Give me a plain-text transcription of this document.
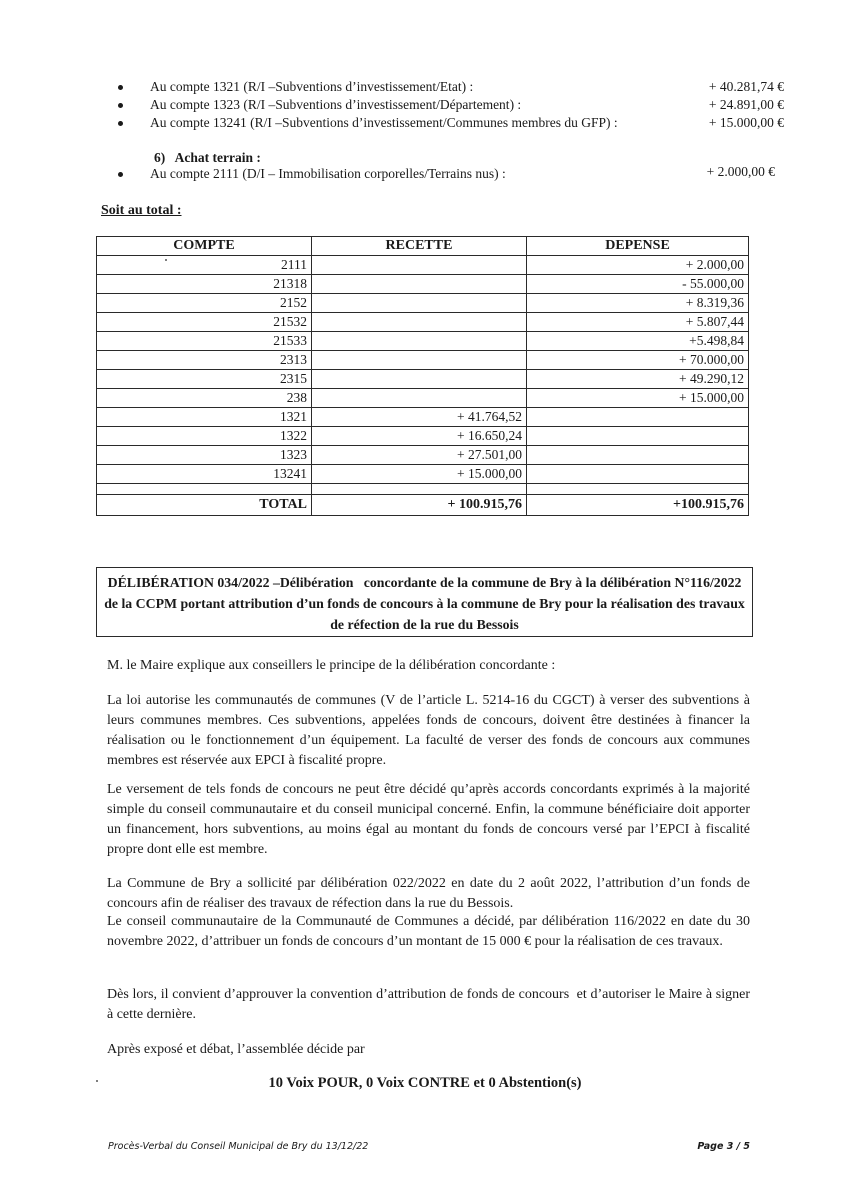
Au compte 1321 (R/I –Subventions d’investissement/Etat) :	+ 40.281,74 €
Au compte 1323 (R/I –Subventions d’investissement/Département) :	+ 24.891,00 €
Au compte 13241 (R/I –Subventions d’investissement/Communes membres du GFP) :	+ 15.000,00 €
6)   Achat terrain :
Au compte 2111 (D/I – Immobilisation corporelles/Terrains nus) :	+ 2.000,00 €
Soit au total :
COMPTE	RECETTE	DEPENSE
2111		+ 2.000,00
21318		- 55.000,00
2152		+ 8.319,36
21532		+ 5.807,44
21533		+5.498,84
2313		+ 70.000,00
2315		+ 49.290,12
238		+ 15.000,00
1321	+ 41.764,52	
1322	+ 16.650,24	
1323	+ 27.501,00	
13241	+ 15.000,00	

TOTAL	+ 100.915,76	+100.915,76
DÉLIBÉRATION 034/2022 –Délibération   concordante de la commune de Bry à la délibération N°116/2022 de la CCPM portant attribution d’un fonds de concours à la commune de Bry pour la réalisation des travaux de réfection de la rue du Bessois
M. le Maire explique aux conseillers le principe de la délibération concordante :
La loi autorise les communautés de communes (V de l’article L. 5214-16 du CGCT) à verser des subventions à leurs communes membres. Ces subventions, appelées fonds de concours, doivent être destinées à financer la réalisation ou le fonctionnement d’un équipement. La faculté de verser des fonds de concours aux communes membres est réservée aux EPCI à fiscalité propre.
Le versement de tels fonds de concours ne peut être décidé qu’après accords concordants exprimés à la majorité simple du conseil communautaire et du conseil municipal concerné. Enfin, la commune bénéficiaire doit apporter un financement, hors subventions, au moins égal au montant du fonds de concours versé par l’EPCI à fiscalité propre dont elle est membre.
La Commune de Bry a sollicité par délibération 022/2022 en date du 2 août 2022, l’attribution d’un fonds de concours afin de réaliser des travaux de réfection dans la rue du Bessois.
Le conseil communautaire de la Communauté de Communes a décidé, par délibération 116/2022 en date du 30 novembre 2022, d’attribuer un fonds de concours d’un montant de 15 000 € pour la réalisation de ces travaux.
Dès lors, il convient d’approuver la convention d’attribution de fonds de concours  et d’autoriser le Maire à signer à cette dernière.
Après exposé et débat, l’assemblée décide par
10 Voix POUR, 0 Voix CONTRE et 0 Abstention(s)
Procès-Verbal du Conseil Municipal de Bry du 13/12/22	Page 3 / 5
